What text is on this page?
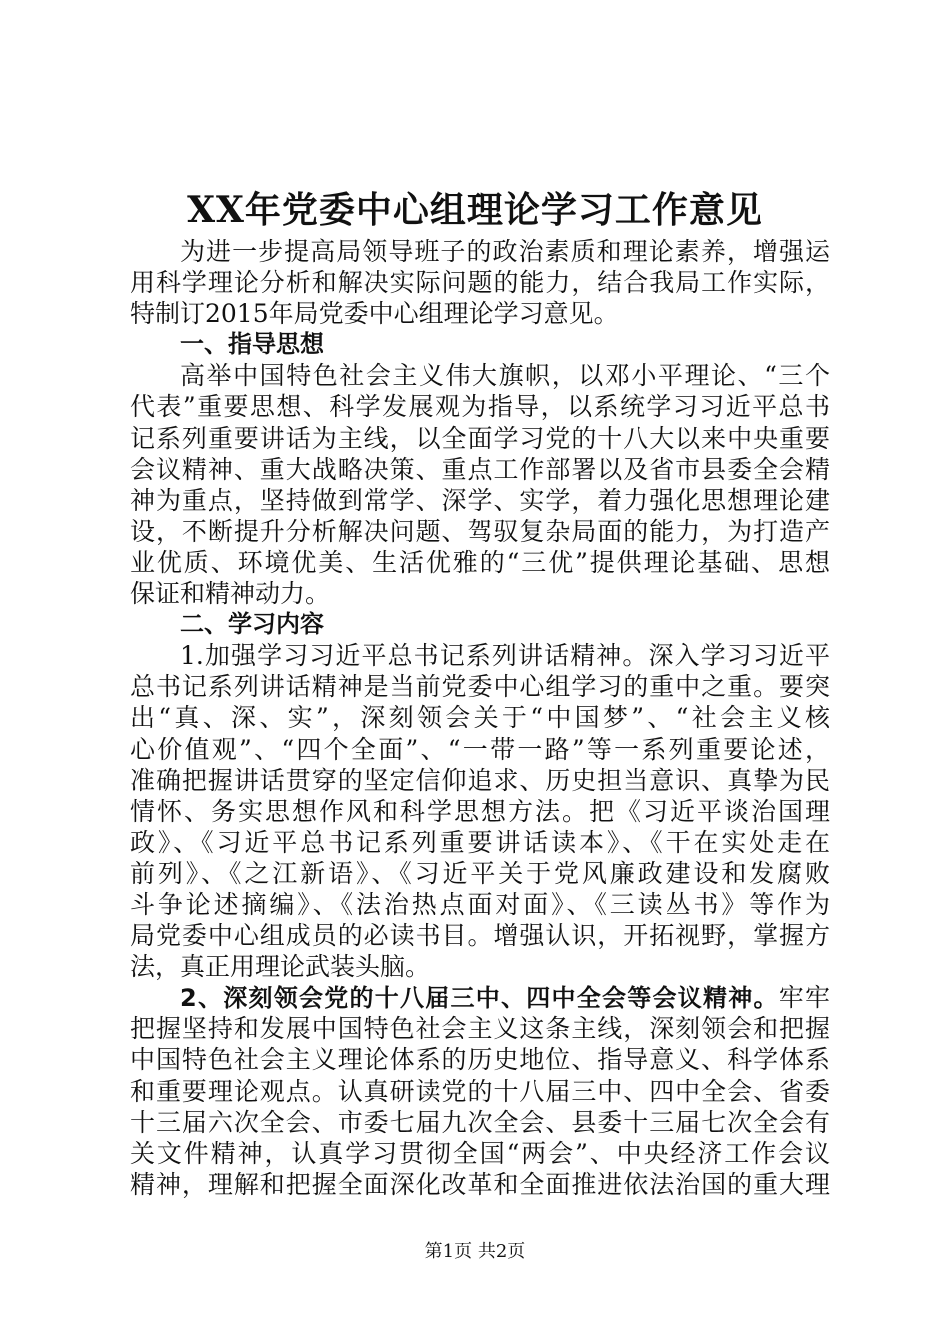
XX年党委中心组理论学习工作意见
为进一步提高局领导班子的政治素质和理论素养，增强运
用科学理论分析和解决实际问题的能力，结合我局工作实际，
特制订2015年局党委中心组理论学习意见。
一、指导思想
高举中国特色社会主义伟大旗帜，以邓小平理论、“三个
代表”重要思想、科学发展观为指导，以系统学习习近平总书
记系列重要讲话为主线，以全面学习党的十八大以来中央重要
会议精神、重大战略决策、重点工作部署以及省市县委全会精
神为重点，坚持做到常学、深学、实学，着力强化思想理论建
设，不断提升分析解决问题、驾驭复杂局面的能力，为打造产
业优质、环境优美、生活优雅的“三优”提供理论基础、思想
保证和精神动力。
二、学习内容
1.加强学习习近平总书记系列讲话精神。深入学习习近平
总书记系列讲话精神是当前党委中心组学习的重中之重。要突
出“真、深、实”，深刻领会关于“中国梦”、“社会主义核
心价值观”、“四个全面”、“一带一路”等一系列重要论述，
准确把握讲话贯穿的坚定信仰追求、历史担当意识、真挚为民
情怀、务实思想作风和科学思想方法。把《习近平谈治国理
政》、《习近平总书记系列重要讲话读本》、《干在实处走在
前列》、《之江新语》、《习近平关于党风廉政建设和发腐败
斗争论述摘编》、《法治热点面对面》、《三读丛书》等作为
局党委中心组成员的必读书目。增强认识，开拓视野，掌握方
法，真正用理论武装头脑。
2、深刻领会党的十八届三中、四中全会等会议精神。牢牢
把握坚持和发展中国特色社会主义这条主线，深刻领会和把握
中国特色社会主义理论体系的历史地位、指导意义、科学体系
和重要理论观点。认真研读党的十八届三中、四中全会、省委
十三届六次全会、市委七届九次全会、县委十三届七次全会有
关文件精神，认真学习贯彻全国“两会”、中央经济工作会议
精神，理解和把握全面深化改革和全面推进依法治国的重大理
第1页 共2页
